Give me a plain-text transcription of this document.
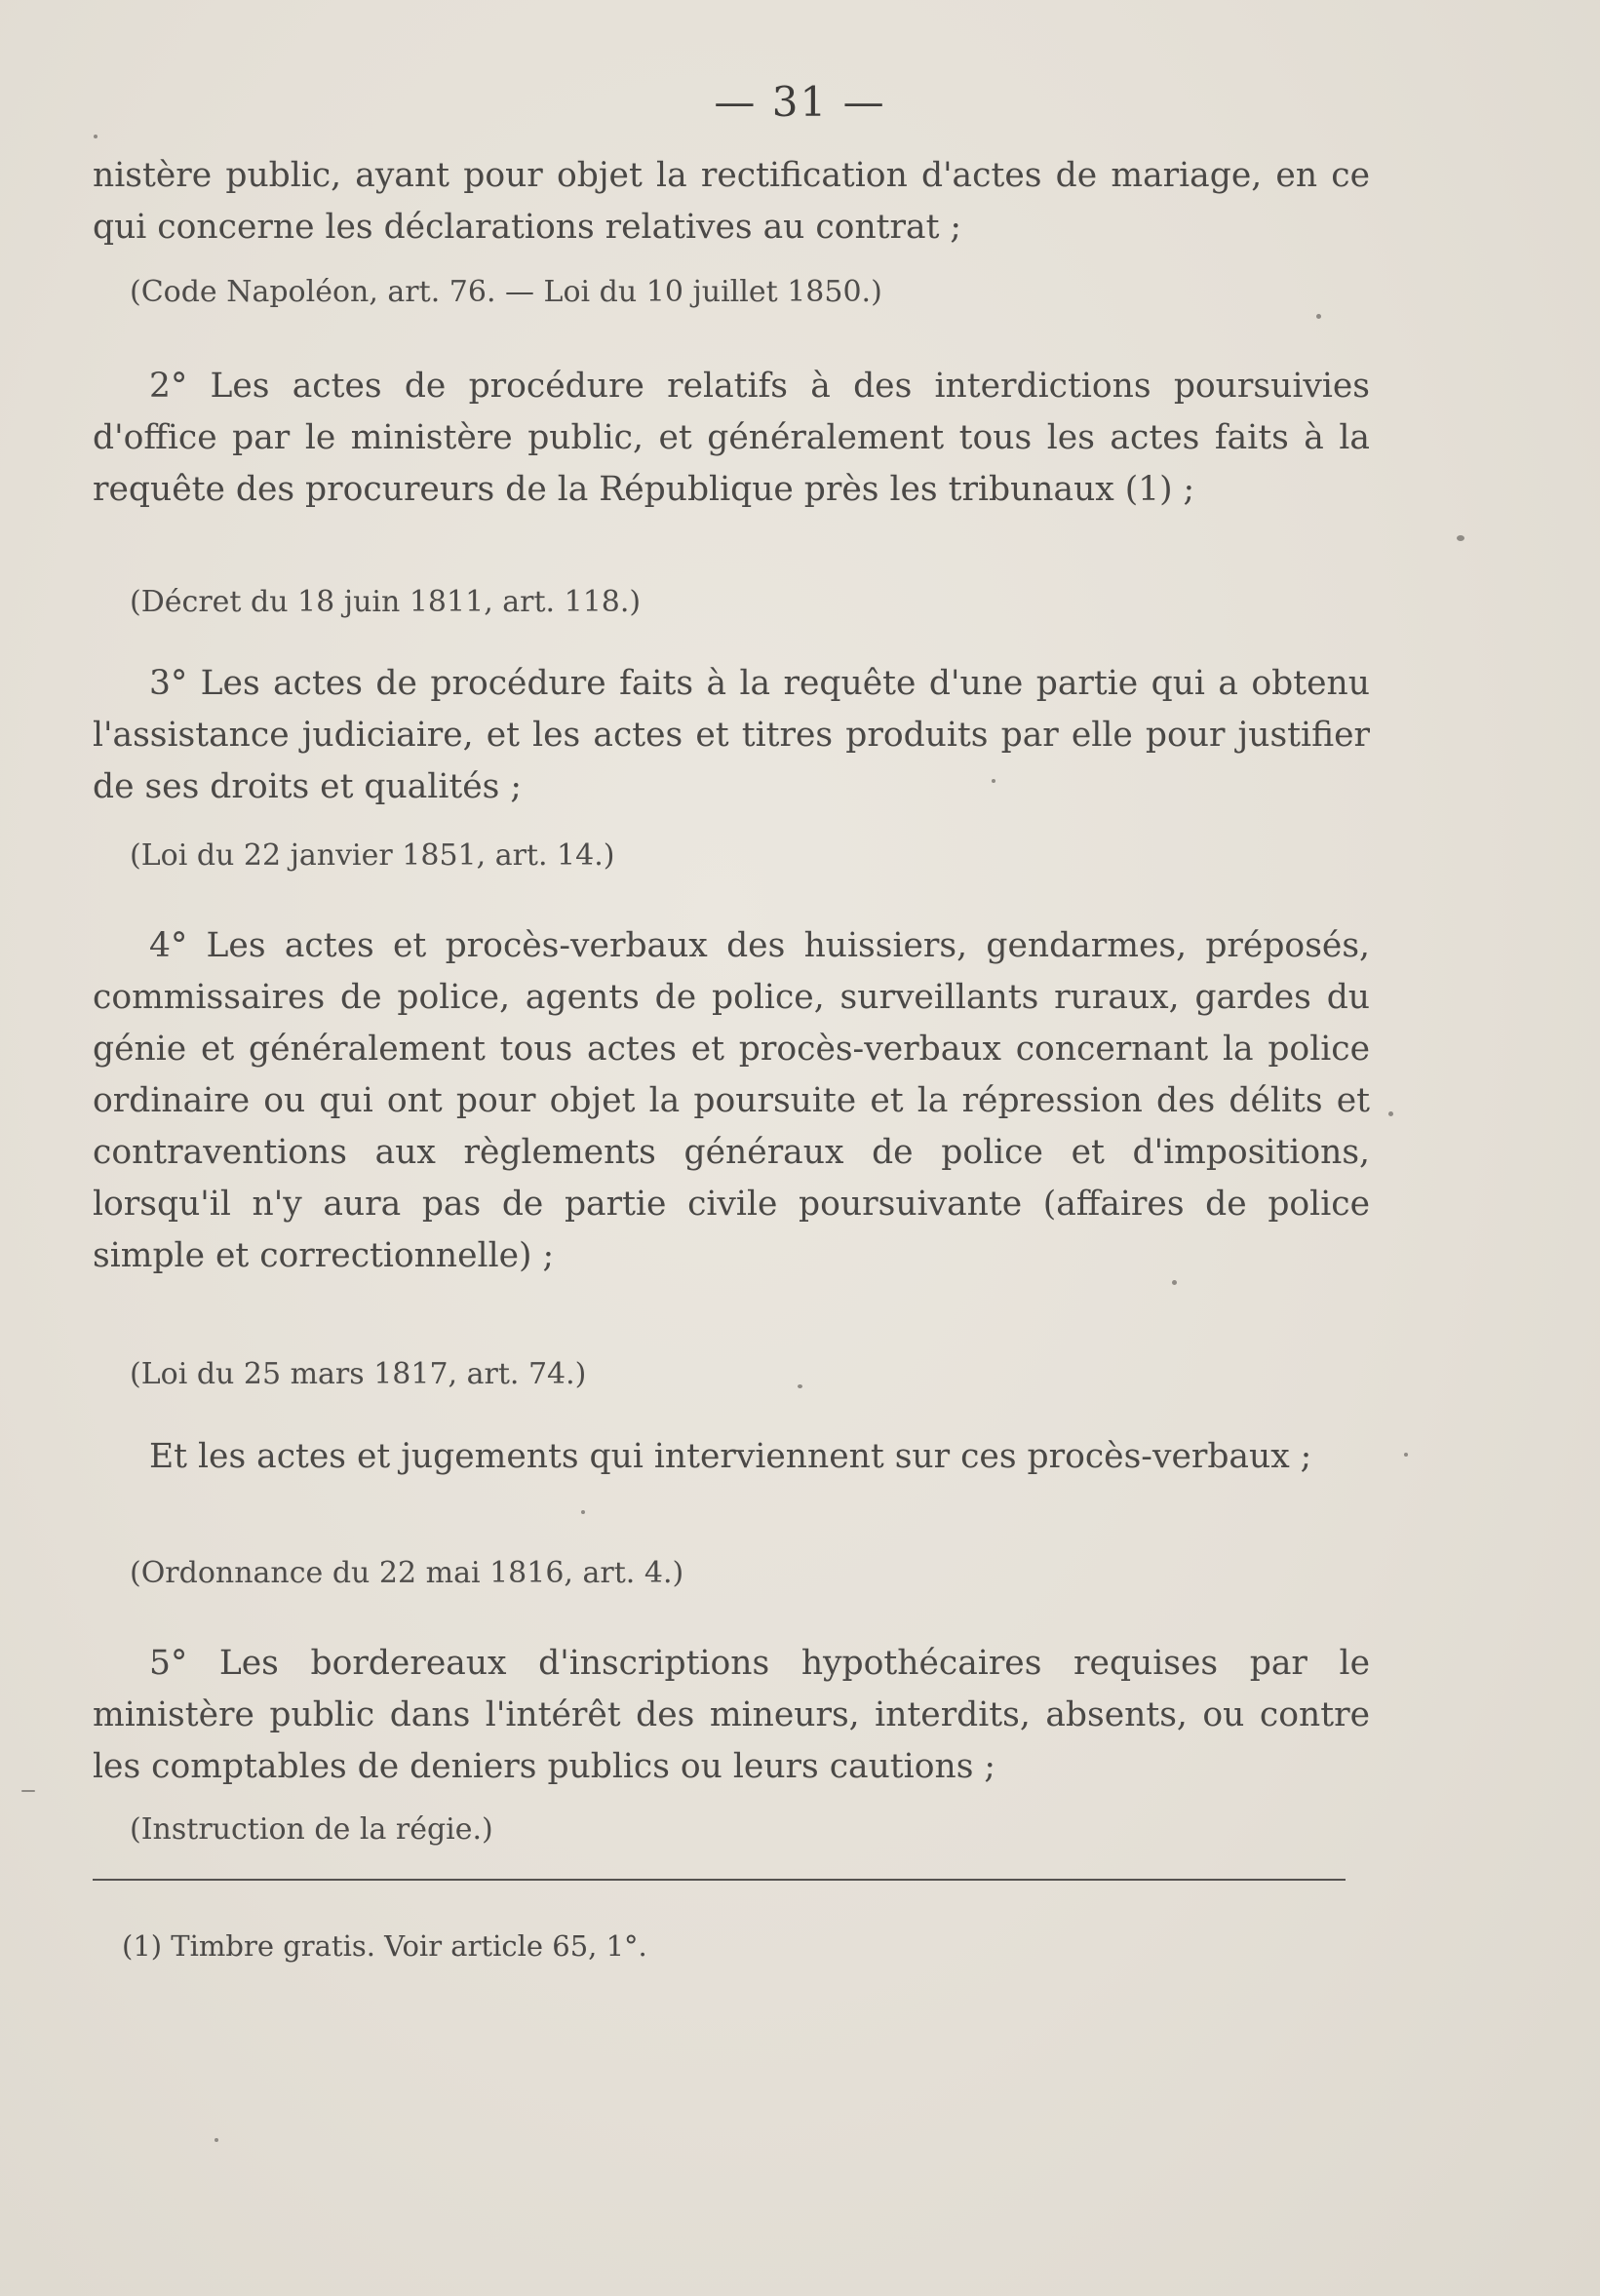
— 31 —
nistère public, ayant pour objet la rectification d'actes de mariage, en ce qui concerne les déclarations relatives au contrat ;
(Code Napoléon, art. 76. — Loi du 10 juillet 1850.)
2° Les actes de procédure relatifs à des interdictions poursuivies d'office par le ministère public, et généralement tous les actes faits à la requête des procureurs de la République près les tribunaux (1) ;
(Décret du 18 juin 1811, art. 118.)
3° Les actes de procédure faits à la requête d'une partie qui a obtenu l'assistance judiciaire, et les actes et titres produits par elle pour justifier de ses droits et qualités ;
(Loi du 22 janvier 1851, art. 14.)
4° Les actes et procès-verbaux des huissiers, gendarmes, préposés, commissaires de police, agents de police, surveillants ruraux, gardes du génie et généralement tous actes et procès-verbaux concernant la police ordinaire ou qui ont pour objet la poursuite et la répression des délits et contraventions aux règlements généraux de police et d'impositions, lorsqu'il n'y aura pas de partie civile poursuivante (affaires de police simple et correctionnelle) ;
(Loi du 25 mars 1817, art. 74.)
Et les actes et jugements qui interviennent sur ces procès-verbaux ;
(Ordonnance du 22 mai 1816, art. 4.)
5° Les bordereaux d'inscriptions hypothécaires requises par le ministère public dans l'intérêt des mineurs, interdits, absents, ou contre les comptables de deniers publics ou leurs cautions ;
(Instruction de la régie.)
(1) Timbre gratis. Voir article 65, 1°.
